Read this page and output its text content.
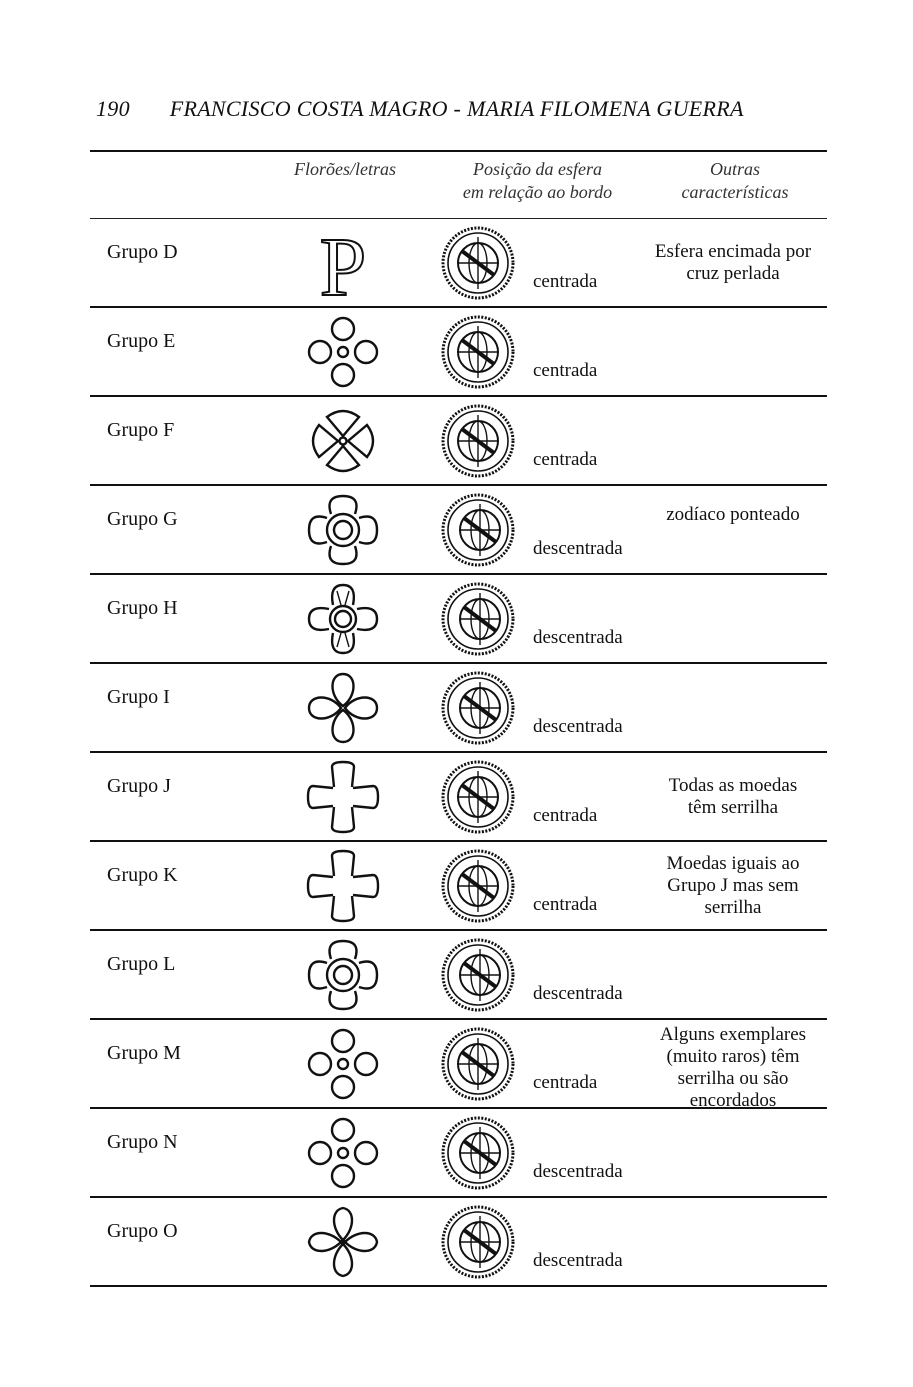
190 FRANCISCO COSTA MAGRO - MARIA FILOMENA GUERRA
Florões/letras	Posição da esfera
em relação ao bordo
Outras
características
Grupo D P	centrada
Esfera encimada por
cruz perlada
Grupo E
centrada
Grupo F
centrada
Grupo G
descentrada
zodíaco ponteado
Grupo H
descentrada
Grupo I
descentrada
Grupo J
centrada
Todas as moedas
têm serrilha
Grupo K
centrada
Moedas iguais ao
Grupo J mas sem
serrilha
Grupo L
descentrada
Grupo M
centrada
Alguns exemplares
(muito raros) têm
serrilha ou são
encordados
Grupo N
descentrada
Grupo O
descentrada
